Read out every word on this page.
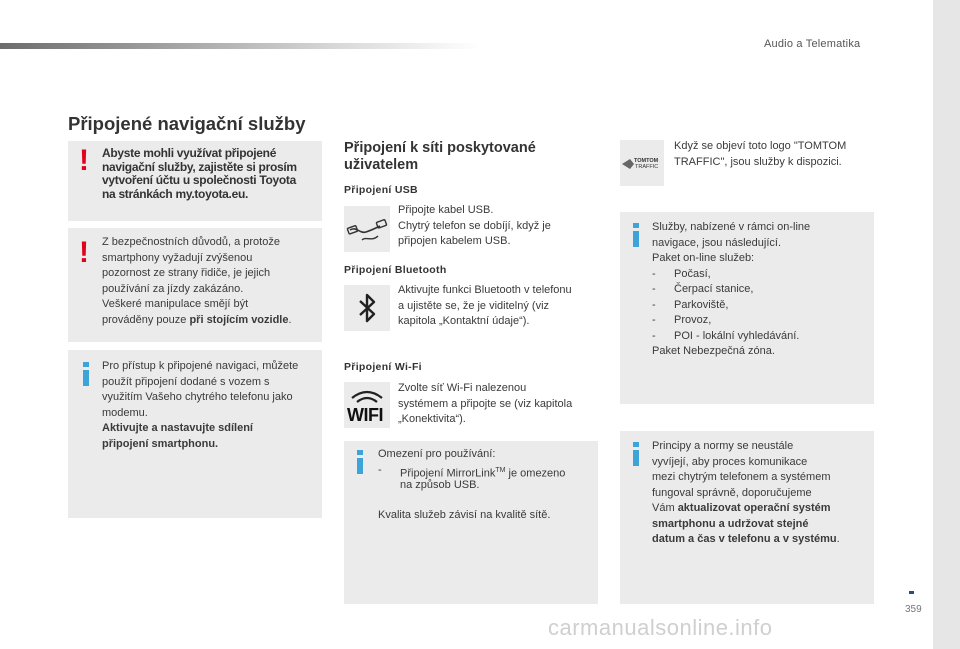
Audio a Telematika
Připojené navigační služby
! Abyste mohli využívat připojené navigační služby, zajistěte si prosím vytvoření účtu u společnosti Toyota na stránkách my.toyota.eu.
! Z bezpečnostních důvodů, a protože
smartphony vyžadují zvýšenou
pozornost ze strany řidiče, je jejich
používání za jízdy zakázáno.
Veškeré manipulace smějí být
prováděny pouze při stojícím vozidle.
Pro přístup k připojené navigaci, můžete
použít připojení dodané s vozem s
využitím Vašeho chytrého telefonu jako
modemu.
Aktivujte a nastavujte sdílení
připojení smartphonu.
Připojení k síti poskytované
uživatelem
Připojení USB
Připojte kabel USB.
Chytrý telefon se dobíjí, když je
připojen kabelem USB.
Připojení Bluetooth
Aktivujte funkci Bluetooth v telefonu
a ujistěte se, že je viditelný (viz
kapitola „Kontaktní údaje“).
Připojení Wi-Fi
WIFI
Zvolte síť Wi-Fi nalezenou
systémem a připojte se (viz kapitola
„Konektivita“).
Omezení pro používání:
- Připojení MirrorLink™ je omezeno
na způsob USB.
Kvalita služeb závisí na kvalitě sítě.
TOMTOM
TRAFFIC
Když se objeví toto logo "TOMTOM
TRAFFIC", jsou služby k dispozici.
Služby, nabízené v rámci on-line
navigace, jsou následující.
Paket on-line služeb:
- Počasí,
- Čerpací stanice,
- Parkoviště,
- Provoz,
- POI - lokální vyhledávání.
Paket Nebezpečná zóna.
Principy a normy se neustále
vyvíjejí, aby proces komunikace
mezi chytrým telefonem a systémem
fungoval správně, doporučujeme
Vám aktualizovat operační systém
smartphonu a udržovat stejné
datum a čas v telefonu a v systému.
359
carmanualsonline.info
